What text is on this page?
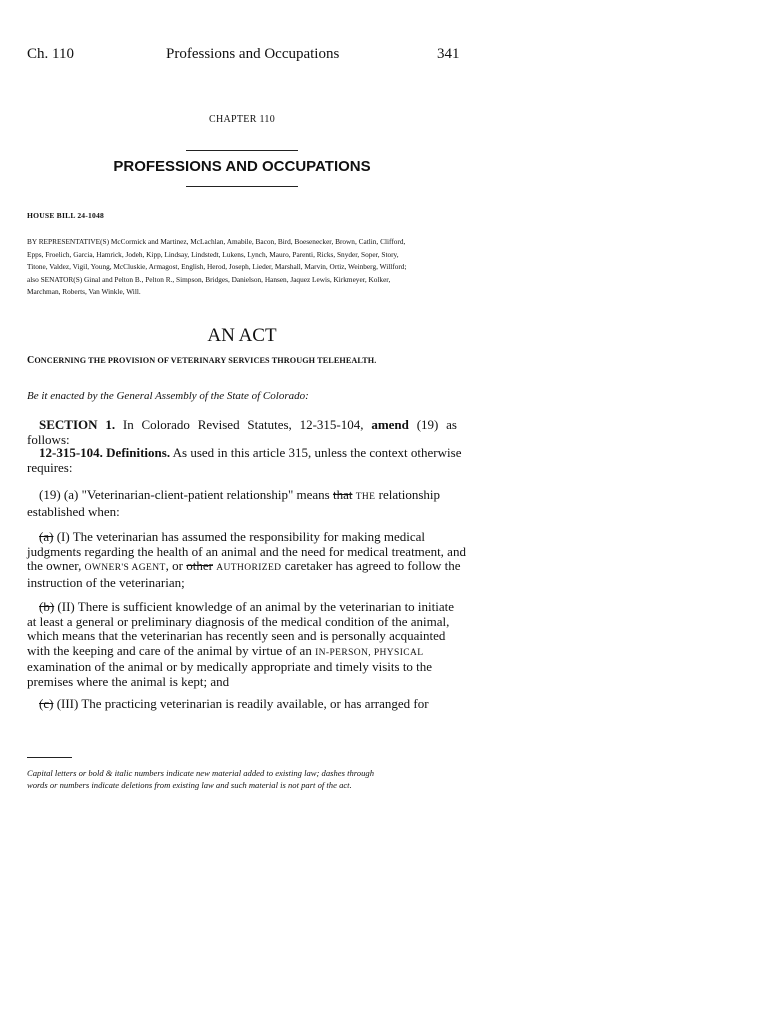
Ch. 110	Professions and Occupations	341
CHAPTER 110
PROFESSIONS AND OCCUPATIONS
HOUSE BILL 24-1048
BY REPRESENTATIVE(S) McCormick and Martinez, McLachlan, Amabile, Bacon, Bird, Boesenecker, Brown, Catlin, Clifford,
Epps, Froelich, Garcia, Hamrick, Jodeh, Kipp, Lindsay, Lindstedt, Lukens, Lynch, Mauro, Parenti, Ricks, Snyder, Soper, Story,
Titone, Valdez, Vigil, Young, McCluskie, Armagost, English, Herod, Joseph, Lieder, Marshall, Marvin, Ortiz, Weinberg, Willford;
also SENATOR(S) Ginal and Pelton B., Pelton R., Simpson, Bridges, Danielson, Hansen, Jaquez Lewis, Kirkmeyer, Kolker,
Marchman, Roberts, Van Winkle, Will.
AN ACT
CONCERNING THE PROVISION OF VETERINARY SERVICES THROUGH TELEHEALTH.
Be it enacted by the General Assembly of the State of Colorado:
SECTION 1. In Colorado Revised Statutes, 12-315-104, amend (19) as follows:
12-315-104. Definitions. As used in this article 315, unless the context otherwise
requires:
(19) (a) "Veterinarian-client-patient relationship" means that THE relationship
established when:
(a) (I) The veterinarian has assumed the responsibility for making medical
judgments regarding the health of an animal and the need for medical treatment, and
the owner, OWNER'S AGENT, or other AUTHORIZED caretaker has agreed to follow the
instruction of the veterinarian;
(b) (II) There is sufficient knowledge of an animal by the veterinarian to initiate
at least a general or preliminary diagnosis of the medical condition of the animal,
which means that the veterinarian has recently seen and is personally acquainted
with the keeping and care of the animal by virtue of an IN-PERSON, PHYSICAL
examination of the animal or by medically appropriate and timely visits to the
premises where the animal is kept; and
(c) (III) The practicing veterinarian is readily available, or has arranged for
Capital letters or bold & italic numbers indicate new material added to existing law; dashes through
words or numbers indicate deletions from existing law and such material is not part of the act.
